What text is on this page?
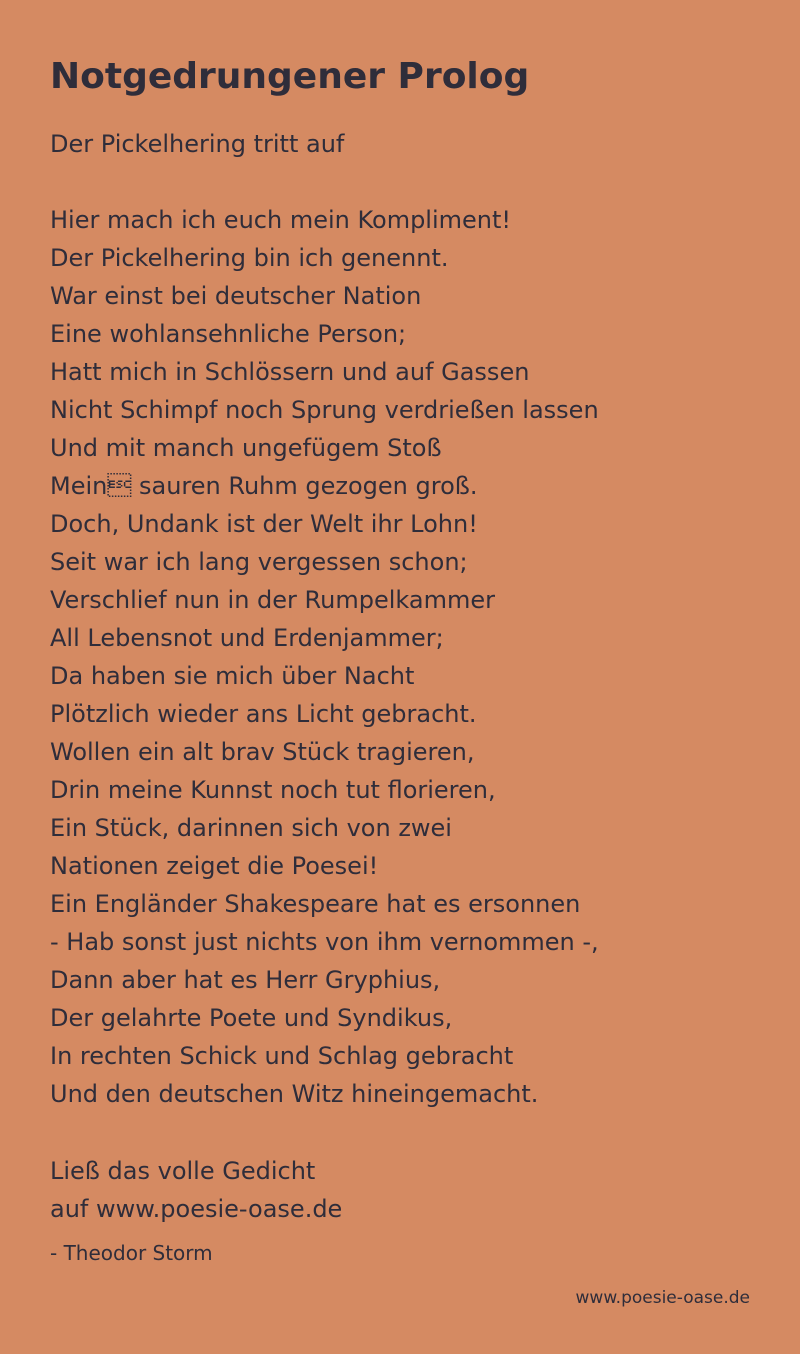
Notgedrungener Prolog
Der Pickelhering tritt auf
Hier mach ich euch mein Kompliment!
Der Pickelhering bin ich genennt.
War einst bei deutscher Nation
Eine wohlansehnliche Person;
Hatt mich in Schlössern und auf Gassen
Nicht Schimpf noch Sprung verdrießen lassen
Und mit manch ungefügem Stoß
Mein sauren Ruhm gezogen groß.
Doch, Undank ist der Welt ihr Lohn!
Seit war ich lang vergessen schon;
Verschlief nun in der Rumpelkammer
All Lebensnot und Erdenjammer;
Da haben sie mich über Nacht
Plötzlich wieder ans Licht gebracht.
Wollen ein alt brav Stück tragieren,
Drin meine Kunnst noch tut florieren,
Ein Stück, darinnen sich von zwei
Nationen zeiget die Poesei!
Ein Engländer Shakespeare hat es ersonnen
- Hab sonst just nichts von ihm vernommen -,
Dann aber hat es Herr Gryphius,
Der gelahrte Poete und Syndikus,
In rechten Schick und Schlag gebracht
Und den deutschen Witz hineingemacht.
Ließ das volle Gedicht
auf www.poesie-oase.de
- Theodor Storm
www.poesie-oase.de
